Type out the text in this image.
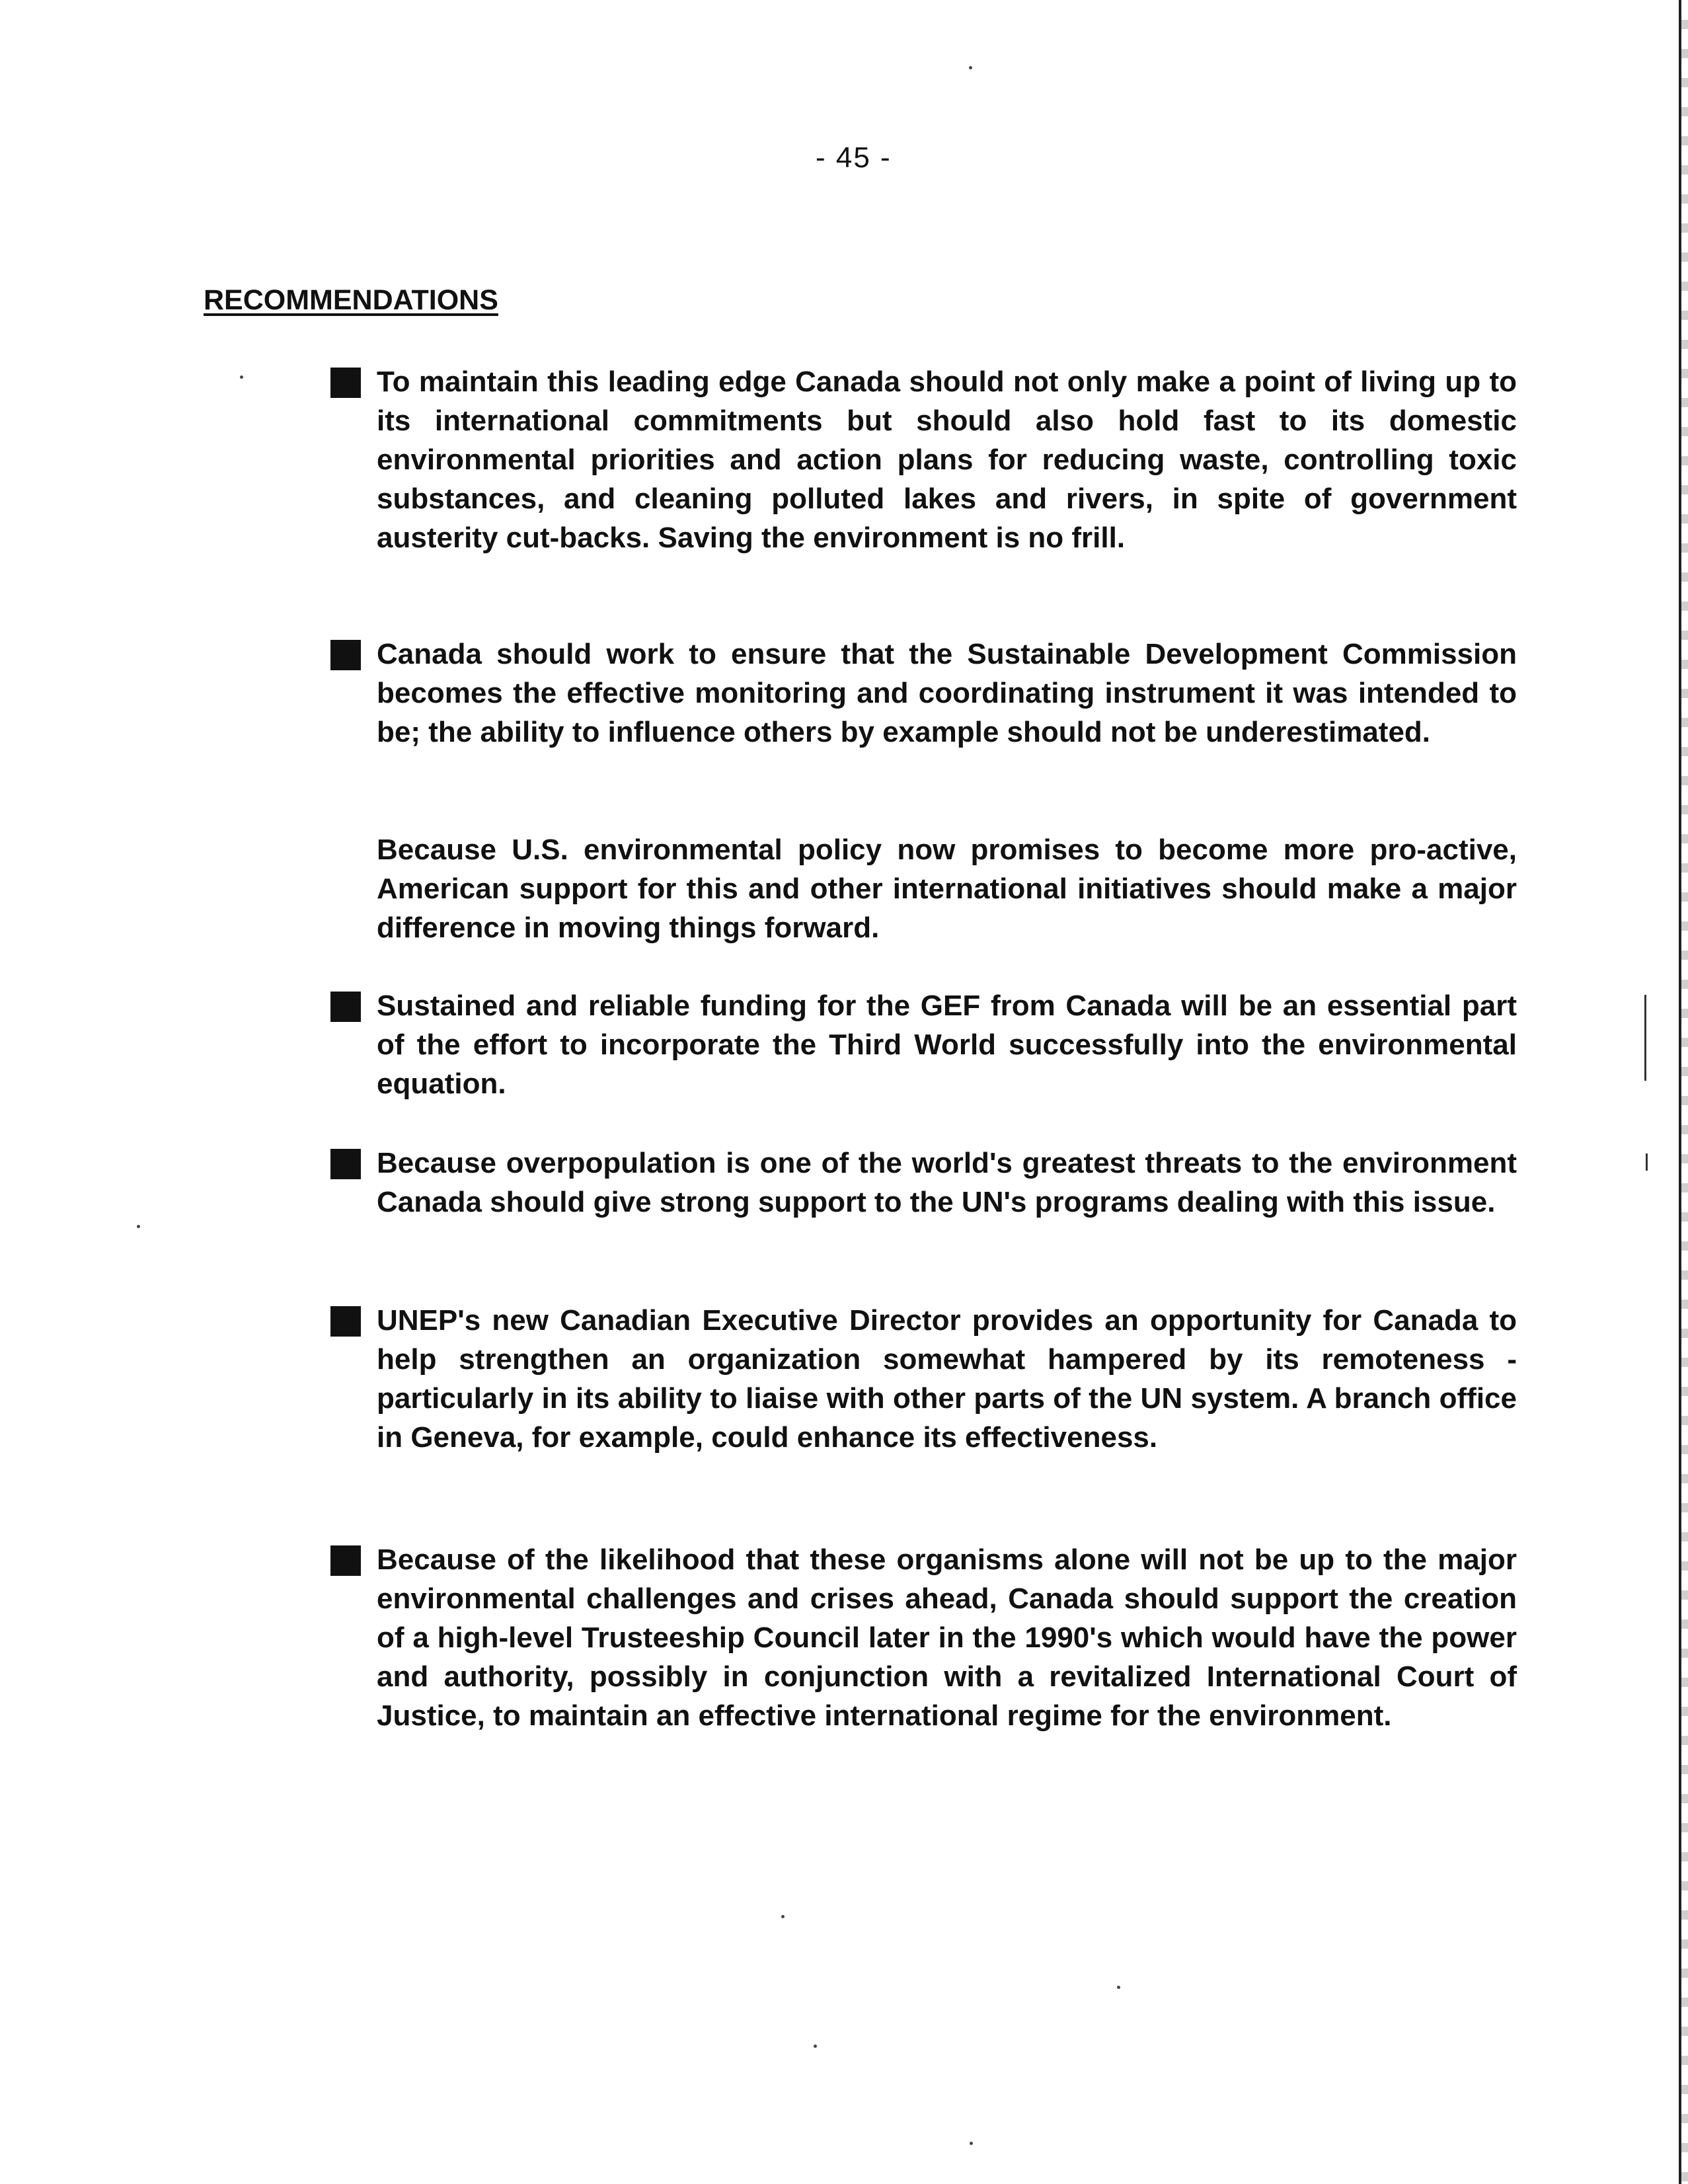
- 45 -
RECOMMENDATIONS

To maintain this leading edge Canada should not only make a point of living up to its international commitments but should also hold fast to its domestic environmental priorities and action plans for reducing waste, controlling toxic substances, and cleaning polluted lakes and rivers, in spite of government austerity cut-backs. Saving the environment is no frill.

Canada should work to ensure that the Sustainable Development Commission becomes the effective monitoring and coordinating instrument it was intended to be; the ability to influence others by example should not be underestimated.

Because U.S. environmental policy now promises to become more pro-active, American support for this and other international initiatives should make a major difference in moving things forward.

Sustained and reliable funding for the GEF from Canada will be an essential part of the effort to incorporate the Third World successfully into the environmental equation.

Because overpopulation is one of the world's greatest threats to the environment Canada should give strong support to the UN's programs dealing with this issue.

UNEP's new Canadian Executive Director provides an opportunity for Canada to help strengthen an organization somewhat hampered by its remoteness - particularly in its ability to liaise with other parts of the UN system. A branch office in Geneva, for example, could enhance its effectiveness.

Because of the likelihood that these organisms alone will not be up to the major environmental challenges and crises ahead, Canada should support the creation of a high-level Trusteeship Council later in the 1990's which would have the power and authority, possibly in conjunction with a revitalized International Court of Justice, to maintain an effective international regime for the environment.
